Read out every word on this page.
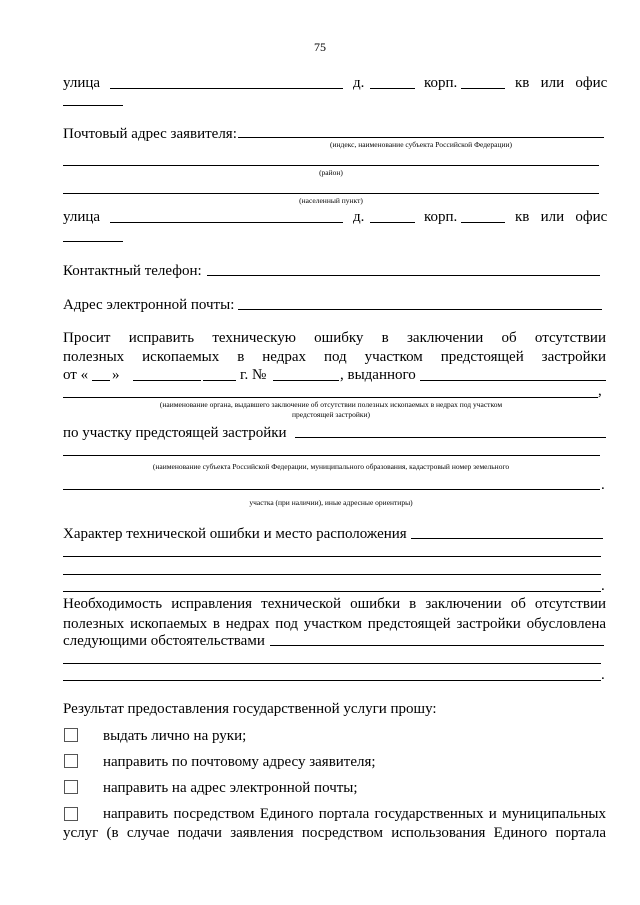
75
улица	д.	корп.	кв   или   офис
Почтовый адрес заявителя:
(индекс, наименование субъекта Российской Федерации)
(район)
(населенный пункт)
улица	д.	корп.	кв   или   офис
Контактный телефон:
Адрес электронной почты:
Просит исправить техническую ошибку в заключении об отсутствии
полезных ископаемых в недрах под участком предстоящей застройки
от « »	г. №	, выданного
,
(наименование органа, выдавшего заключение об отсутствии полезных ископаемых в недрах под участком
предстоящей застройки)
по участку предстоящей застройки
(наименование субъекта Российской Федерации, муниципального образования, кадастровый номер земельного
.
участка (при наличии), иные адресные ориентиры)
Характер технической ошибки и место расположения
.
Необходимость исправления технической ошибки в заключении об отсутствии
полезных ископаемых в недрах под участком предстоящей застройки обусловлена
следующими обстоятельствами
.
Результат предоставления государственной услуги прошу:
выдать лично на руки;
направить по почтовому адресу заявителя;
направить на адрес электронной почты;
направить посредством Единого портала государственных и муниципальных
услуг (в случае подачи заявления посредством использования Единого портала
